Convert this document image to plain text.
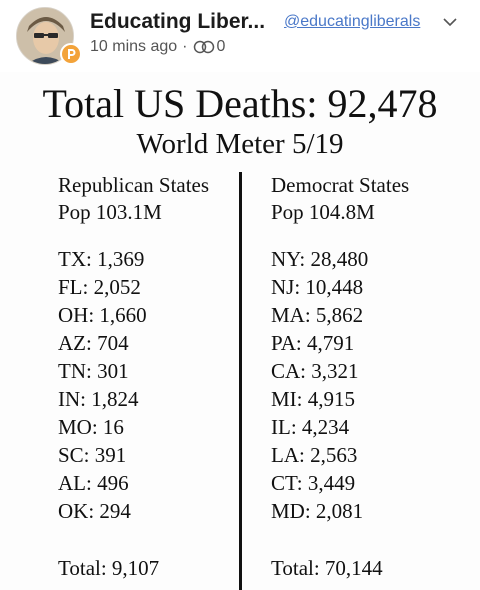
Educating Liber... @educatingliberals
10 mins ago · 0
Total US Deaths: 92,478
World Meter 5/19
Republican States
Pop 103.1M
TX: 1,369
FL: 2,052
OH: 1,660
AZ: 704
TN: 301
IN: 1,824
MO: 16
SC: 391
AL: 496
OK: 294
Total: 9,107
Democrat States
Pop 104.8M
NY: 28,480
NJ: 10,448
MA: 5,862
PA: 4,791
CA: 3,321
MI: 4,915
IL: 4,234
LA: 2,563
CT: 3,449
MD: 2,081
Total: 70,144
